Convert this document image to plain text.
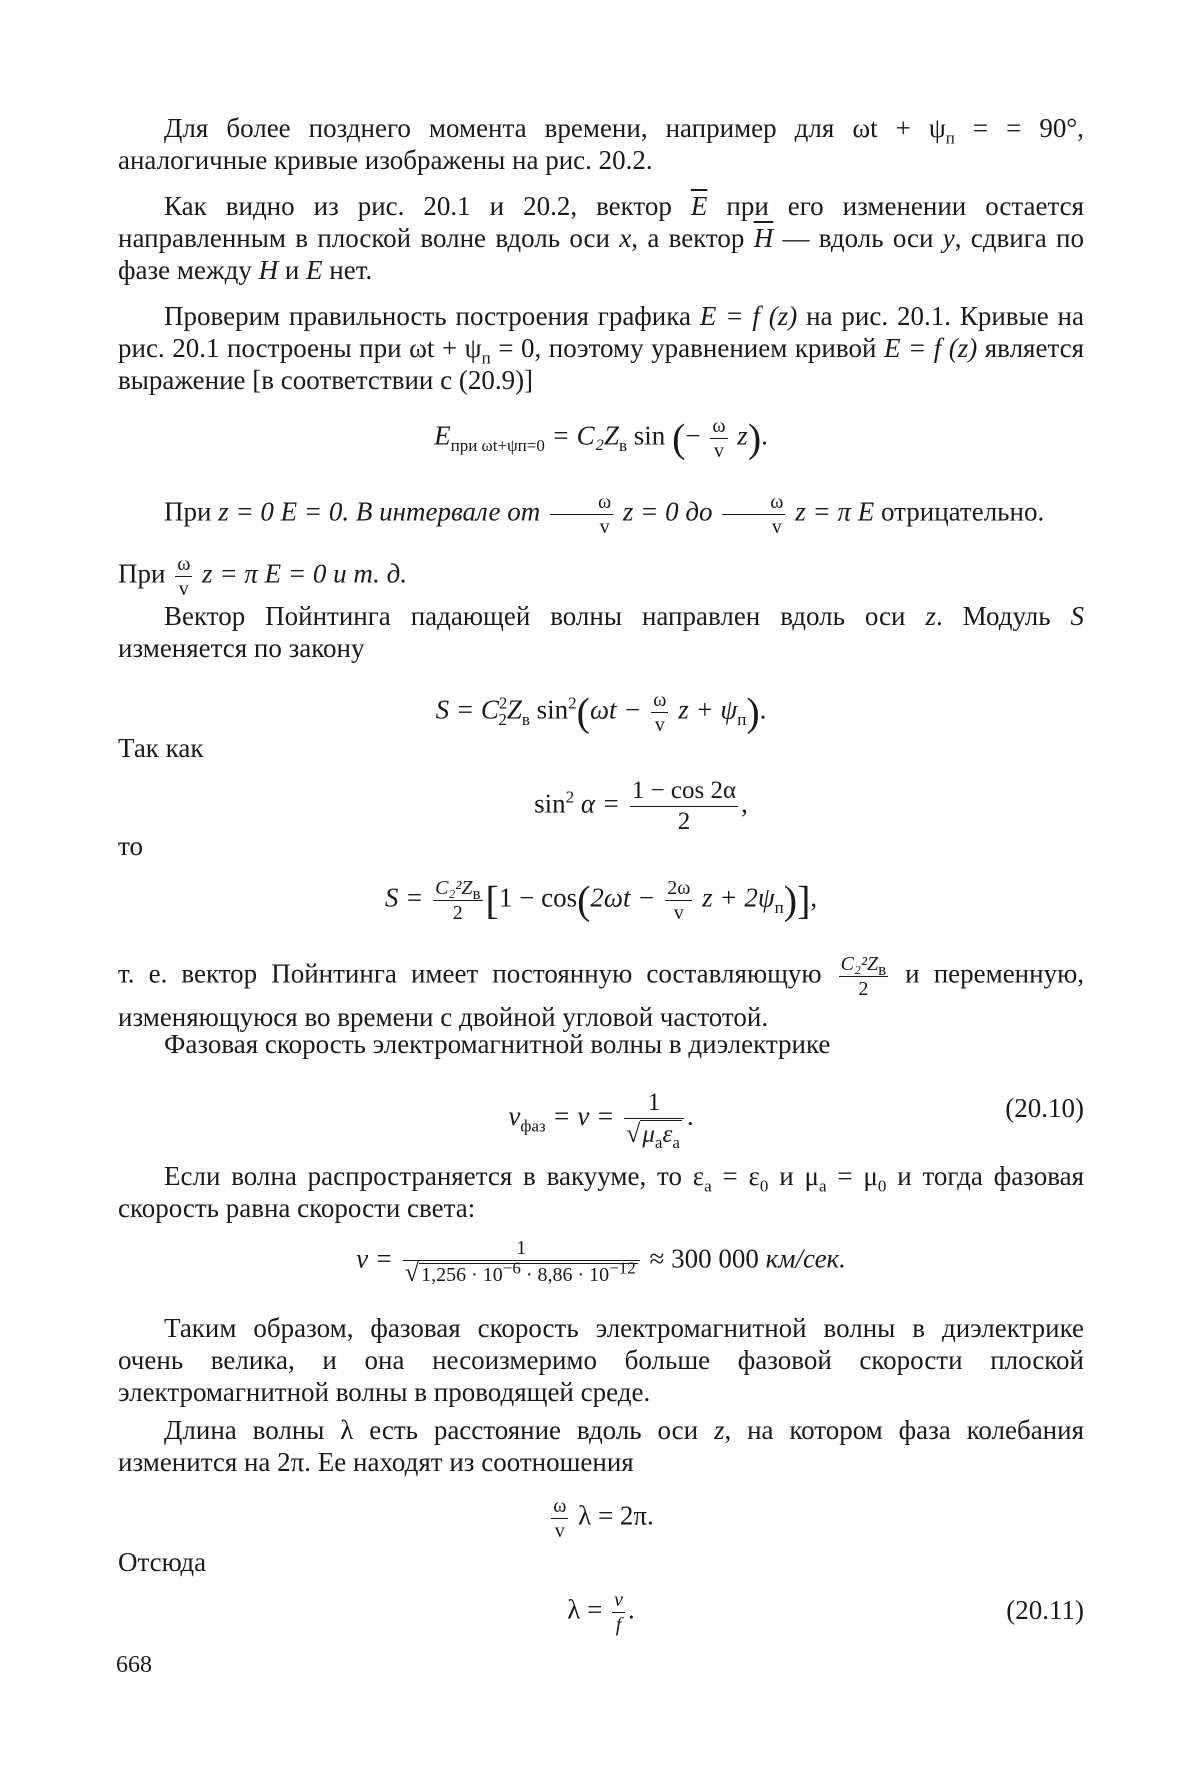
Для более позднего момента времени, например для $\omega t + \psi_п$ = = 90°, аналогичные кривые изображены на рис. 20.2.
Как видно из рис. 20.1 и 20.2, вектор $\overline{E}$ при его изменении остается направленным в плоской волне вдоль оси x, а вектор $\overline{H}$ — вдоль оси y, сдвига по фазе между H и E нет.
Проверим правильность построения графика E = f (z) на рис. 20.1. Кривые на рис. 20.1 построены при $\omega t + \psi_п = 0$, поэтому уравнением кривой E = f (z) является выражение [в соответствии с (20.9)]
$E_{при \omega t+\psi п=0} = C_2Z_в$ sin (− $\frac{\omega}{v} z$).
При z = 0 E = 0. В интервале от $\frac{\omega}{v}$ z = 0 до $\frac{\omega}{v}$ z = π E отрицательно.
При $\frac{\omega}{v}$ z = π E = 0 и т. д.
Вектор Пойнтинга падающей волны направлен вдоль оси z. Модуль S изменяется по закону
$S = C^2_2Z_в$ $\sin^2(\omega t - \frac{\omega}{v}$ $z + \psi_п$).
Так как
$\sin^2 \alpha = \frac{1 - \cos 2\alpha}{2}$ ,
то
$S = C_2^2Z_в$
2 [$1 - \cos(2\omega t - \frac{2\omega}{v}$ $z + 2\psi_п$)],
т. е. вектор Пойнтинга имеет постоянную составляющую $C_2^2Z_в$
2
и переменную, изменяющуюся во времени с двойной угловой частотой.
Фазовая скорость электромагнитной волны в диэлектрике
$v_{фаз} = v$ =	1
$√\mu_а\varepsilon_а$
.	(20.10)
Если волна распространяется в вакууме, то $\varepsilon_а = \varepsilon_0$ и $\mu_а = \mu_0$ и тогда фазовая скорость равна скорости света:
$v = \frac{1}{√ 1,256 \cdot 10^{-6} \cdot 8,86 \cdot 10^{-12}} \approx 300$ 000 км/сек.
Таким образом, фазовая скорость электромагнитной волны в диэлектрике очень велика, и она несоизмеримо больше фазовой скорости плоской электромагнитной волны в проводящей среде.
Длина волны λ есть расстояние вдоль оси z, на котором фаза колебания изменится на 2π. Ее находят из соотношения
$\frac{\omega}{v}$ λ = 2π.
Отсюда
$\lambda = \frac{v}{f}$ .	(20.11)
668
